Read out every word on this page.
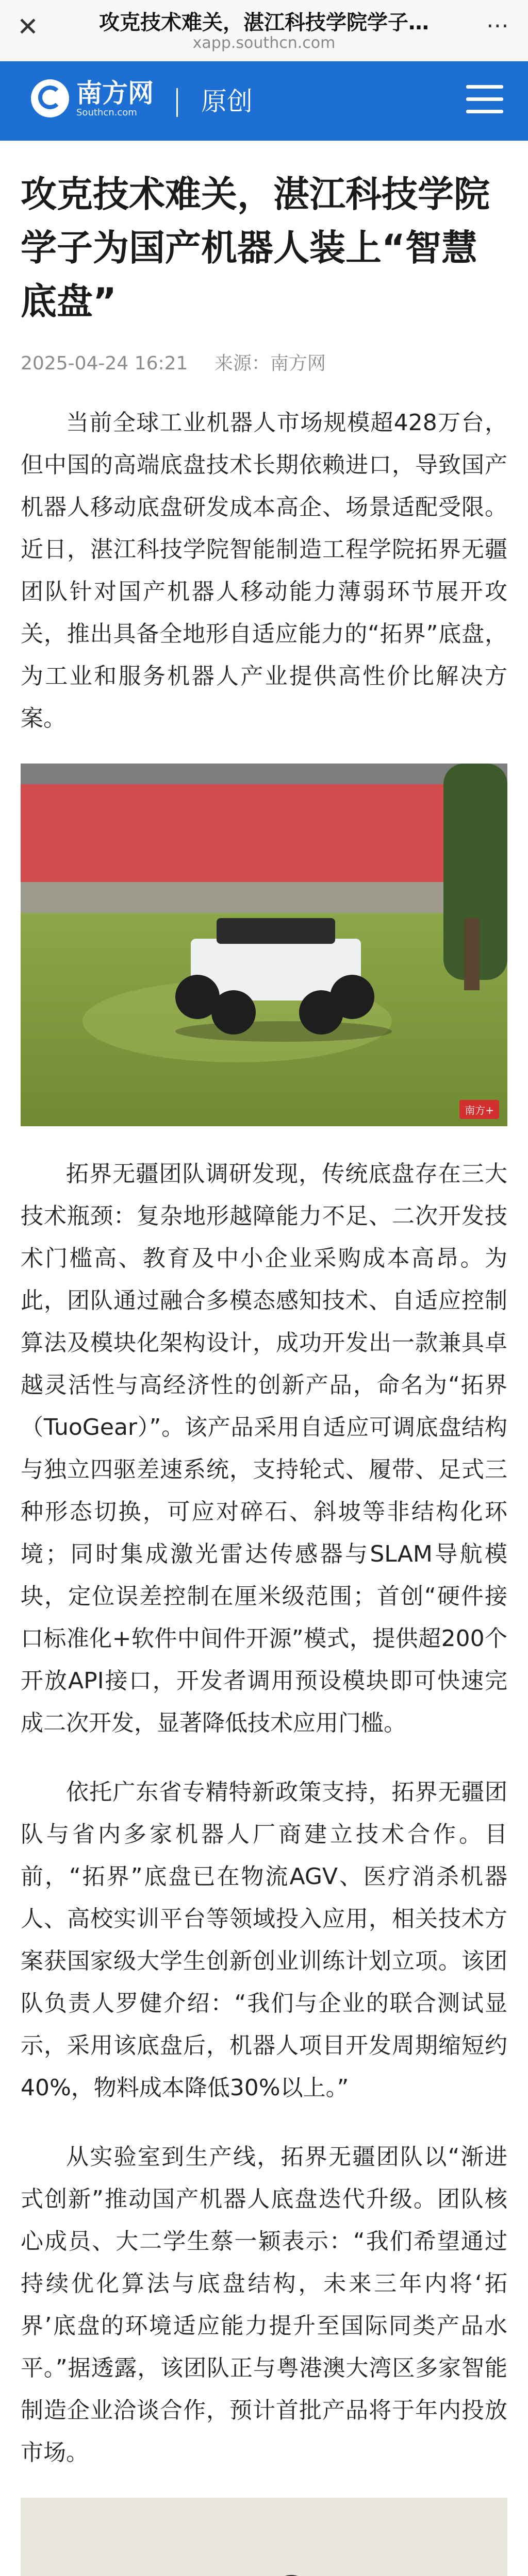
✕	攻克技术难关，湛江科技学院学子…
xapp.southcn.com
⋯
南方网
Southcn.com	原创
攻克技术难关，湛江科技学院学子为国产机器人装上“智慧底盘”
2025-04-24 16:21 来源：南方网

当前全球工业机器人市场规模超428万台，但中国的高端底盘技术长期依赖进口，导致国产机器人移动底盘研发成本高企、场景适配受限。近日，湛江科技学院智能制造工程学院拓界无疆团队针对国产机器人移动能力薄弱环节展开攻关，推出具备全地形自适应能力的“拓界”底盘，为工业和服务机器人产业提供高性价比解决方案。

南方+

拓界无疆团队调研发现，传统底盘存在三大技术瓶颈：复杂地形越障能力不足、二次开发技术门槛高、教育及中小企业采购成本高昂。为此，团队通过融合多模态感知技术、自适应控制算法及模块化架构设计，成功开发出一款兼具卓越灵活性与高经济性的创新产品，命名为“拓界（TuoGear）”。该产品采用自适应可调底盘结构与独立四驱差速系统，支持轮式、履带、足式三种形态切换，可应对碎石、斜坡等非结构化环境；同时集成激光雷达传感器与SLAM导航模块，定位误差控制在厘米级范围；首创“硬件接口标准化+软件中间件开源”模式，提供超200个开放API接口，开发者调用预设模块即可快速完成二次开发，显著降低技术应用门槛。

依托广东省专精特新政策支持，拓界无疆团队与省内多家机器人厂商建立技术合作。目前，“拓界”底盘已在物流AGV、医疗消杀机器人、高校实训平台等领域投入应用，相关技术方案获国家级大学生创新创业训练计划立项。该团队负责人罗健介绍：“我们与企业的联合测试显示，采用该底盘后，机器人项目开发周期缩短约40%，物料成本降低30%以上。”

从实验室到生产线，拓界无疆团队以“渐进式创新”推动国产机器人底盘迭代升级。团队核心成员、大二学生蔡一颖表示：“我们希望通过持续优化算法与底盘结构，未来三年内将‘拓界’底盘的环境适应能力提升至国际同类产品水平。”据透露，该团队正与粤港澳大湾区多家智能制造企业洽谈合作，预计首批产品将于年内投放市场。
